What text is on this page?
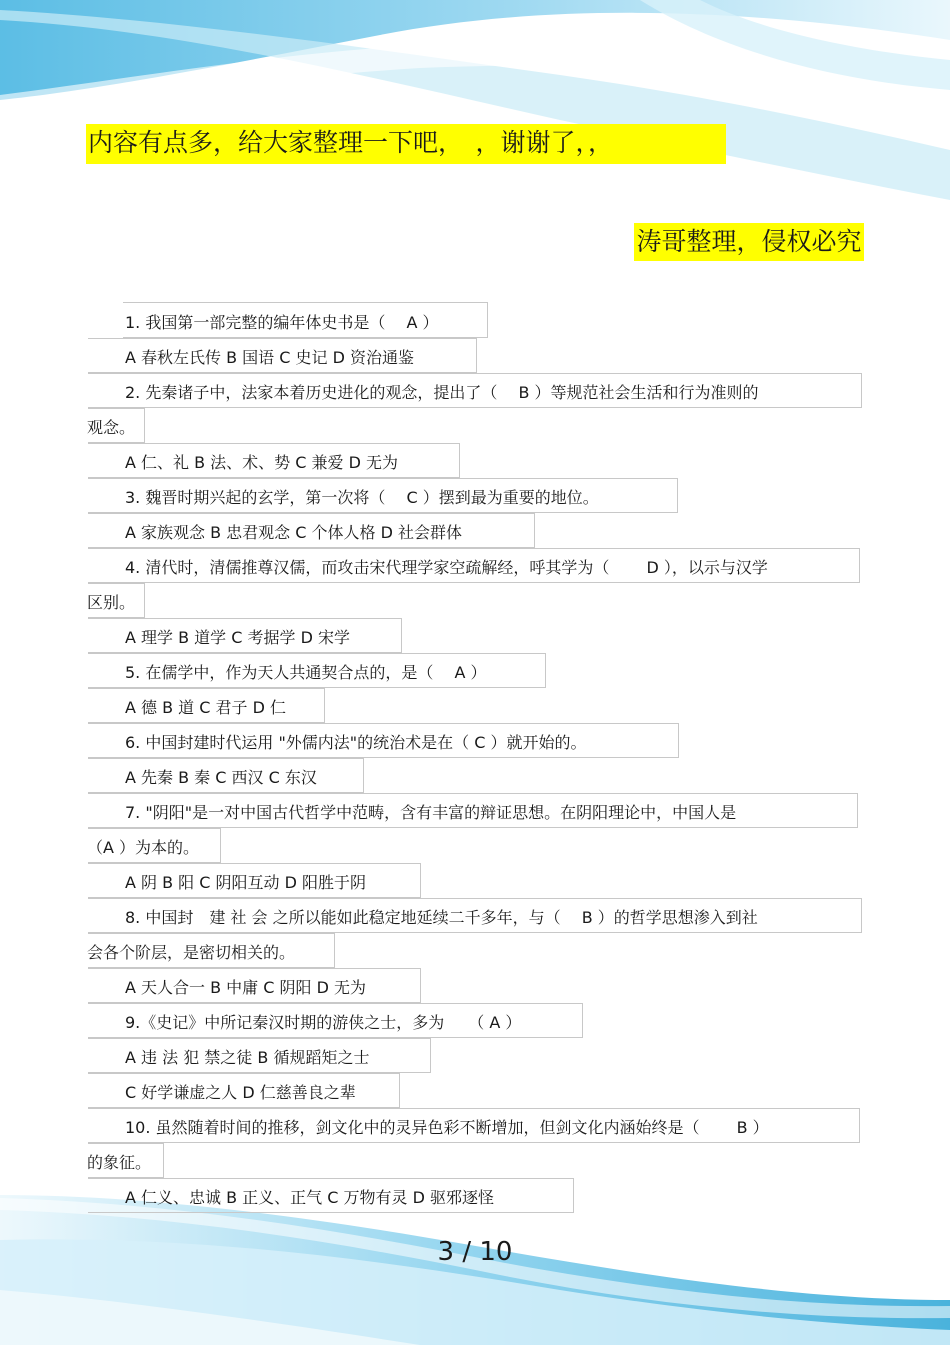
内容有点多，给大家整理一下吧，　，谢谢了，，
涛哥整理，侵权必究
1. 我国第一部完整的编年体史书是（　 A ）
A 春秋左氏传 B 国语 C 史记 D 资治通鉴
2. 先秦诸子中，法家本着历史进化的观念，提出了（　 B ）等规范社会生活和行为准则的
观念。
A 仁、礼 B 法、术、势 C 兼爱 D 无为
3. 魏晋时期兴起的玄学，第一次将（　 C ）摆到最为重要的地位。
A 家族观念 B 忠君观念 C 个体人格 D 社会群体
4. 清代时，清儒推尊汉儒，而攻击宋代理学家空疏解经，呼其学为（　　 D ），以示与汉学
区别。
A 理学 B 道学 C 考据学 D 宋学
5. 在儒学中，作为天人共通契合点的，是（　 A ）
A 德 B 道 C 君子 D 仁
6. 中国封建时代运用 "外儒内法"的统治术是在（ C ）就开始的。
A 先秦 B 秦 C 西汉 C 东汉
7. "阴阳"是一对中国古代哲学中范畴，含有丰富的辩证思想。在阴阳理论中，中国人是
（A ）为本的。
A 阴 B 阳 C 阴阳互动 D 阳胜于阴
8. 中国封　建 社 会 之所以能如此稳定地延续二千多年，与（　 B ）的哲学思想渗入到社
会各个阶层，是密切相关的。
A 天人合一 B 中庸 C 阴阳 D 无为
9.《史记》中所记秦汉时期的游侠之士，多为　　（ A ）
A 违 法 犯 禁之徒 B 循规蹈矩之士
C 好学谦虚之人 D 仁慈善良之辈
10. 虽然随着时间的推移，剑文化中的灵异色彩不断增加，但剑文化内涵始终是（　　 B ）
的象征。
A 仁义、忠诚 B 正义、正气 C 万物有灵 D 驱邪逐怪
3 / 10
